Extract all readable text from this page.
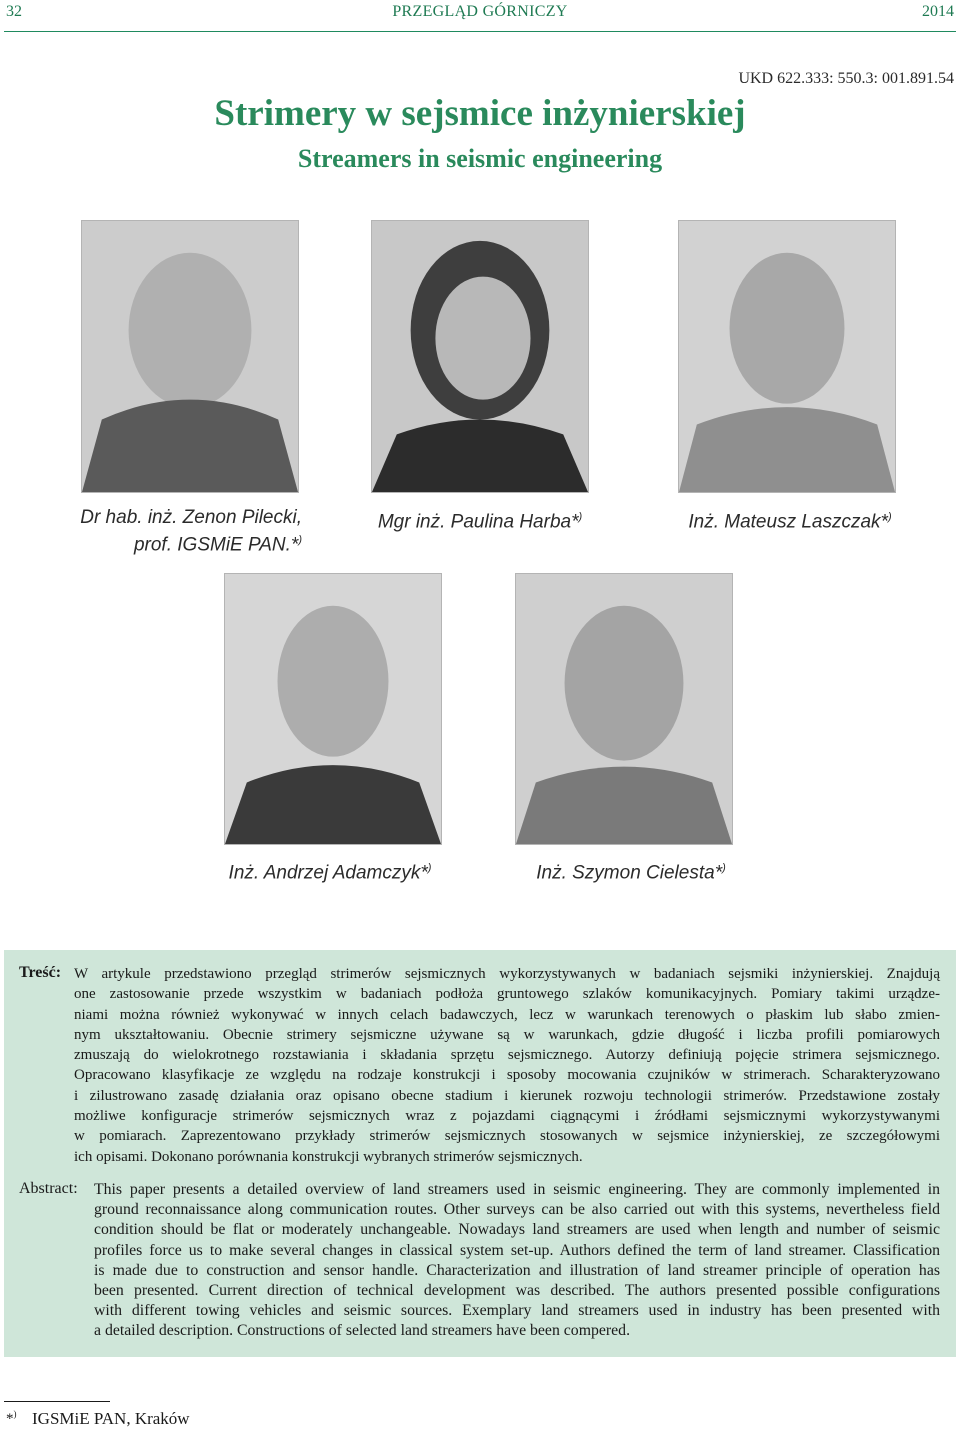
32	PRZEGLĄD GÓRNICZY	2014
UKD 622.333: 550.3: 001.891.54
Strimery w sejsmice inżynierskiej
Streamers in seismic engineering
Dr hab. inż. Zenon Pilecki,
prof. IGSMiE PAN.*)
Mgr inż. Paulina Harba*)	Inż. Mateusz Laszczak*)
Inż. Andrzej Adamczyk*)	Inż. Szymon Cielesta*)
Treść: W artykule przedstawiono przegląd strimerów sejsmicznych wykorzystywanych w badaniach sejsmiki inżynierskiej. Znajdują
one zastosowanie przede wszystkim w badaniach podłoża gruntowego szlaków komunikacyjnych. Pomiary takimi urządze-
niami można również wykonywać w innych celach badawczych, lecz w warunkach terenowych o płaskim lub słabo zmien-
nym ukształtowaniu. Obecnie strimery sejsmiczne używane są w warunkach, gdzie długość i liczba profili pomiarowych
zmuszają do wielokrotnego rozstawiania i składania sprzętu sejsmicznego. Autorzy definiują pojęcie strimera sejsmicznego.
Opracowano klasyfikacje ze względu na rodzaje konstrukcji i sposoby mocowania czujników w strimerach. Scharakteryzowano
i zilustrowano zasadę działania oraz opisano obecne stadium i kierunek rozwoju technologii strimerów. Przedstawione zostały
możliwe konfiguracje strimerów sejsmicznych wraz z pojazdami ciągnącymi i źródłami sejsmicznymi wykorzystywanymi
w pomiarach. Zaprezentowano przykłady strimerów sejsmicznych stosowanych w sejsmice inżynierskiej, ze szczegółowymi
ich opisami. Dokonano porównania konstrukcji wybranych strimerów sejsmicznych.
Abstract: This paper presents a detailed overview of land streamers used in seismic engineering. They are commonly implemented in
ground reconnaissance along communication routes. Other surveys can be also carried out with this systems, nevertheless field
condition should be flat or moderately unchangeable. Nowadays land streamers are used when length and number of seismic
profiles force us to make several changes in classical system set-up. Authors defined the term of land streamer. Classification
is made due to construction and sensor handle. Characterization and illustration of land streamer principle of operation has
been presented. Current direction of technical development was described. The authors presented possible configurations
with different towing vehicles and seismic sources. Exemplary land streamers used in industry has been presented with
a detailed description. Constructions of selected land streamers have been compered.
*) IGSMiE PAN, Kraków
